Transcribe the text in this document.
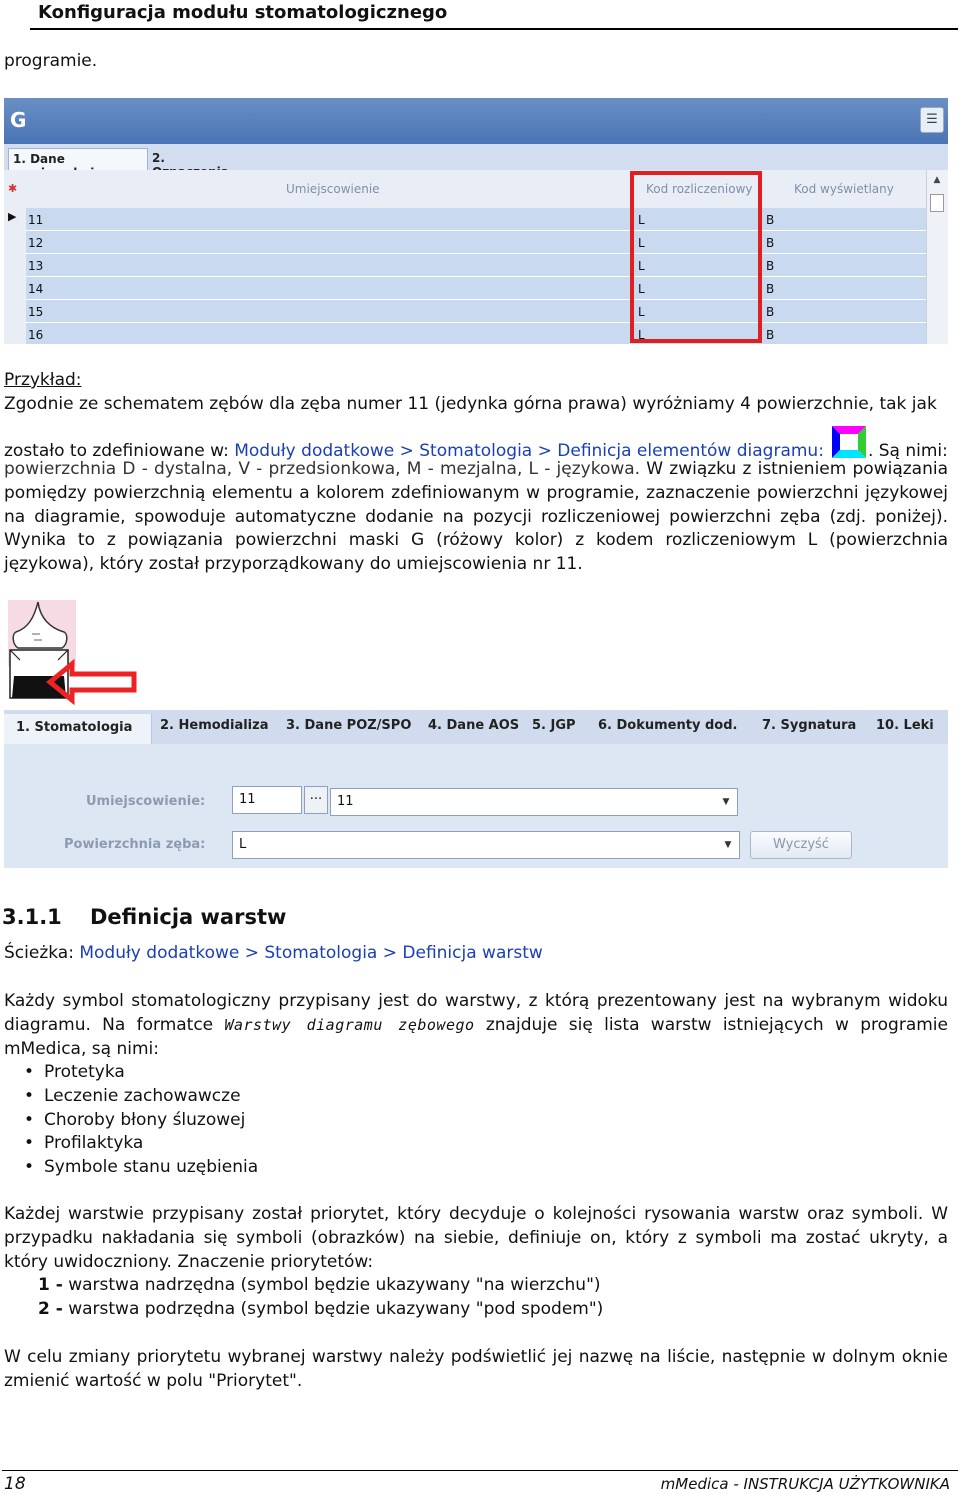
Konfiguracja modułu stomatologicznego
programie.
G	☰
1. Dane	2.
✱
▶
Umiejscowienie	Kod rozliczeniowy	Kod wyświetlany
11	L	B
12	L	B
13	L	B
14	L	B
15	L	B
16	L	B
▲
Przykład:
Zgodnie ze schematem zębów dla zęba numer 11 (jedynka górna prawa) wyróżniamy 4 powierzchnie, tak jak
zostało to zdefiniowane w: Moduły dodatkowe > Stomatologia > Definicja elementów diagramu:	. Są nimi:
powierzchnia D - dystalna, V - przedsionkowa, M - mezjalna, L - językowa. W związku z istnieniem powiązania pomiędzy powierzchnią elementu a kolorem zdefiniowanym w programie, zaznaczenie powierzchni językowej na diagramie, spowoduje automatyczne dodanie na pozycji rozliczeniowej powierzchni zęba (zdj. poniżej). Wynika to z powiązania powierzchni maski G (różowy kolor) z kodem rozliczeniowym L (powierzchnia językowa), który został przyporządkowany do umiejscowienia nr 11.
1. Stomatologia	2. Hemodializa 3. Dane POZ/SPO 4. Dane AOS 5. JGP 6. Dokumenty dod. 7. Sygnatura 10. Leki
Umiejscowienie:	11	···	11	▼
Powierzchnia zęba:	L	▼	Wyczyść
3.1.1 Definicja warstw
Ścieżka: Moduły dodatkowe > Stomatologia > Definicja warstw
Każdy symbol stomatologiczny przypisany jest do warstwy, z którą prezentowany jest na wybranym widoku diagramu. Na formatce Warstwy diagramu zębowego znajduje się lista warstw istniejących w programie mMedica, są nimi:
• Protetyka
• Leczenie zachowawcze
• Choroby błony śluzowej
• Profilaktyka
• Symbole stanu uzębienia
Każdej warstwie przypisany został priorytet, który decyduje o kolejności rysowania warstw oraz symboli. W przypadku nakładania się symboli (obrazków) na siebie, definiuje on, który z symboli ma zostać ukryty, a który uwidoczniony. Znaczenie priorytetów:
1 - warstwa nadrzędna (symbol będzie ukazywany "na wierzchu")
2 - warstwa podrzędna (symbol będzie ukazywany "pod spodem")
W celu zmiany priorytetu wybranej warstwy należy podświetlić jej nazwę na liście, następnie w dolnym oknie zmienić wartość w polu "Priorytet".
18	mMedica - INSTRUKCJA UŻYTKOWNIKA
